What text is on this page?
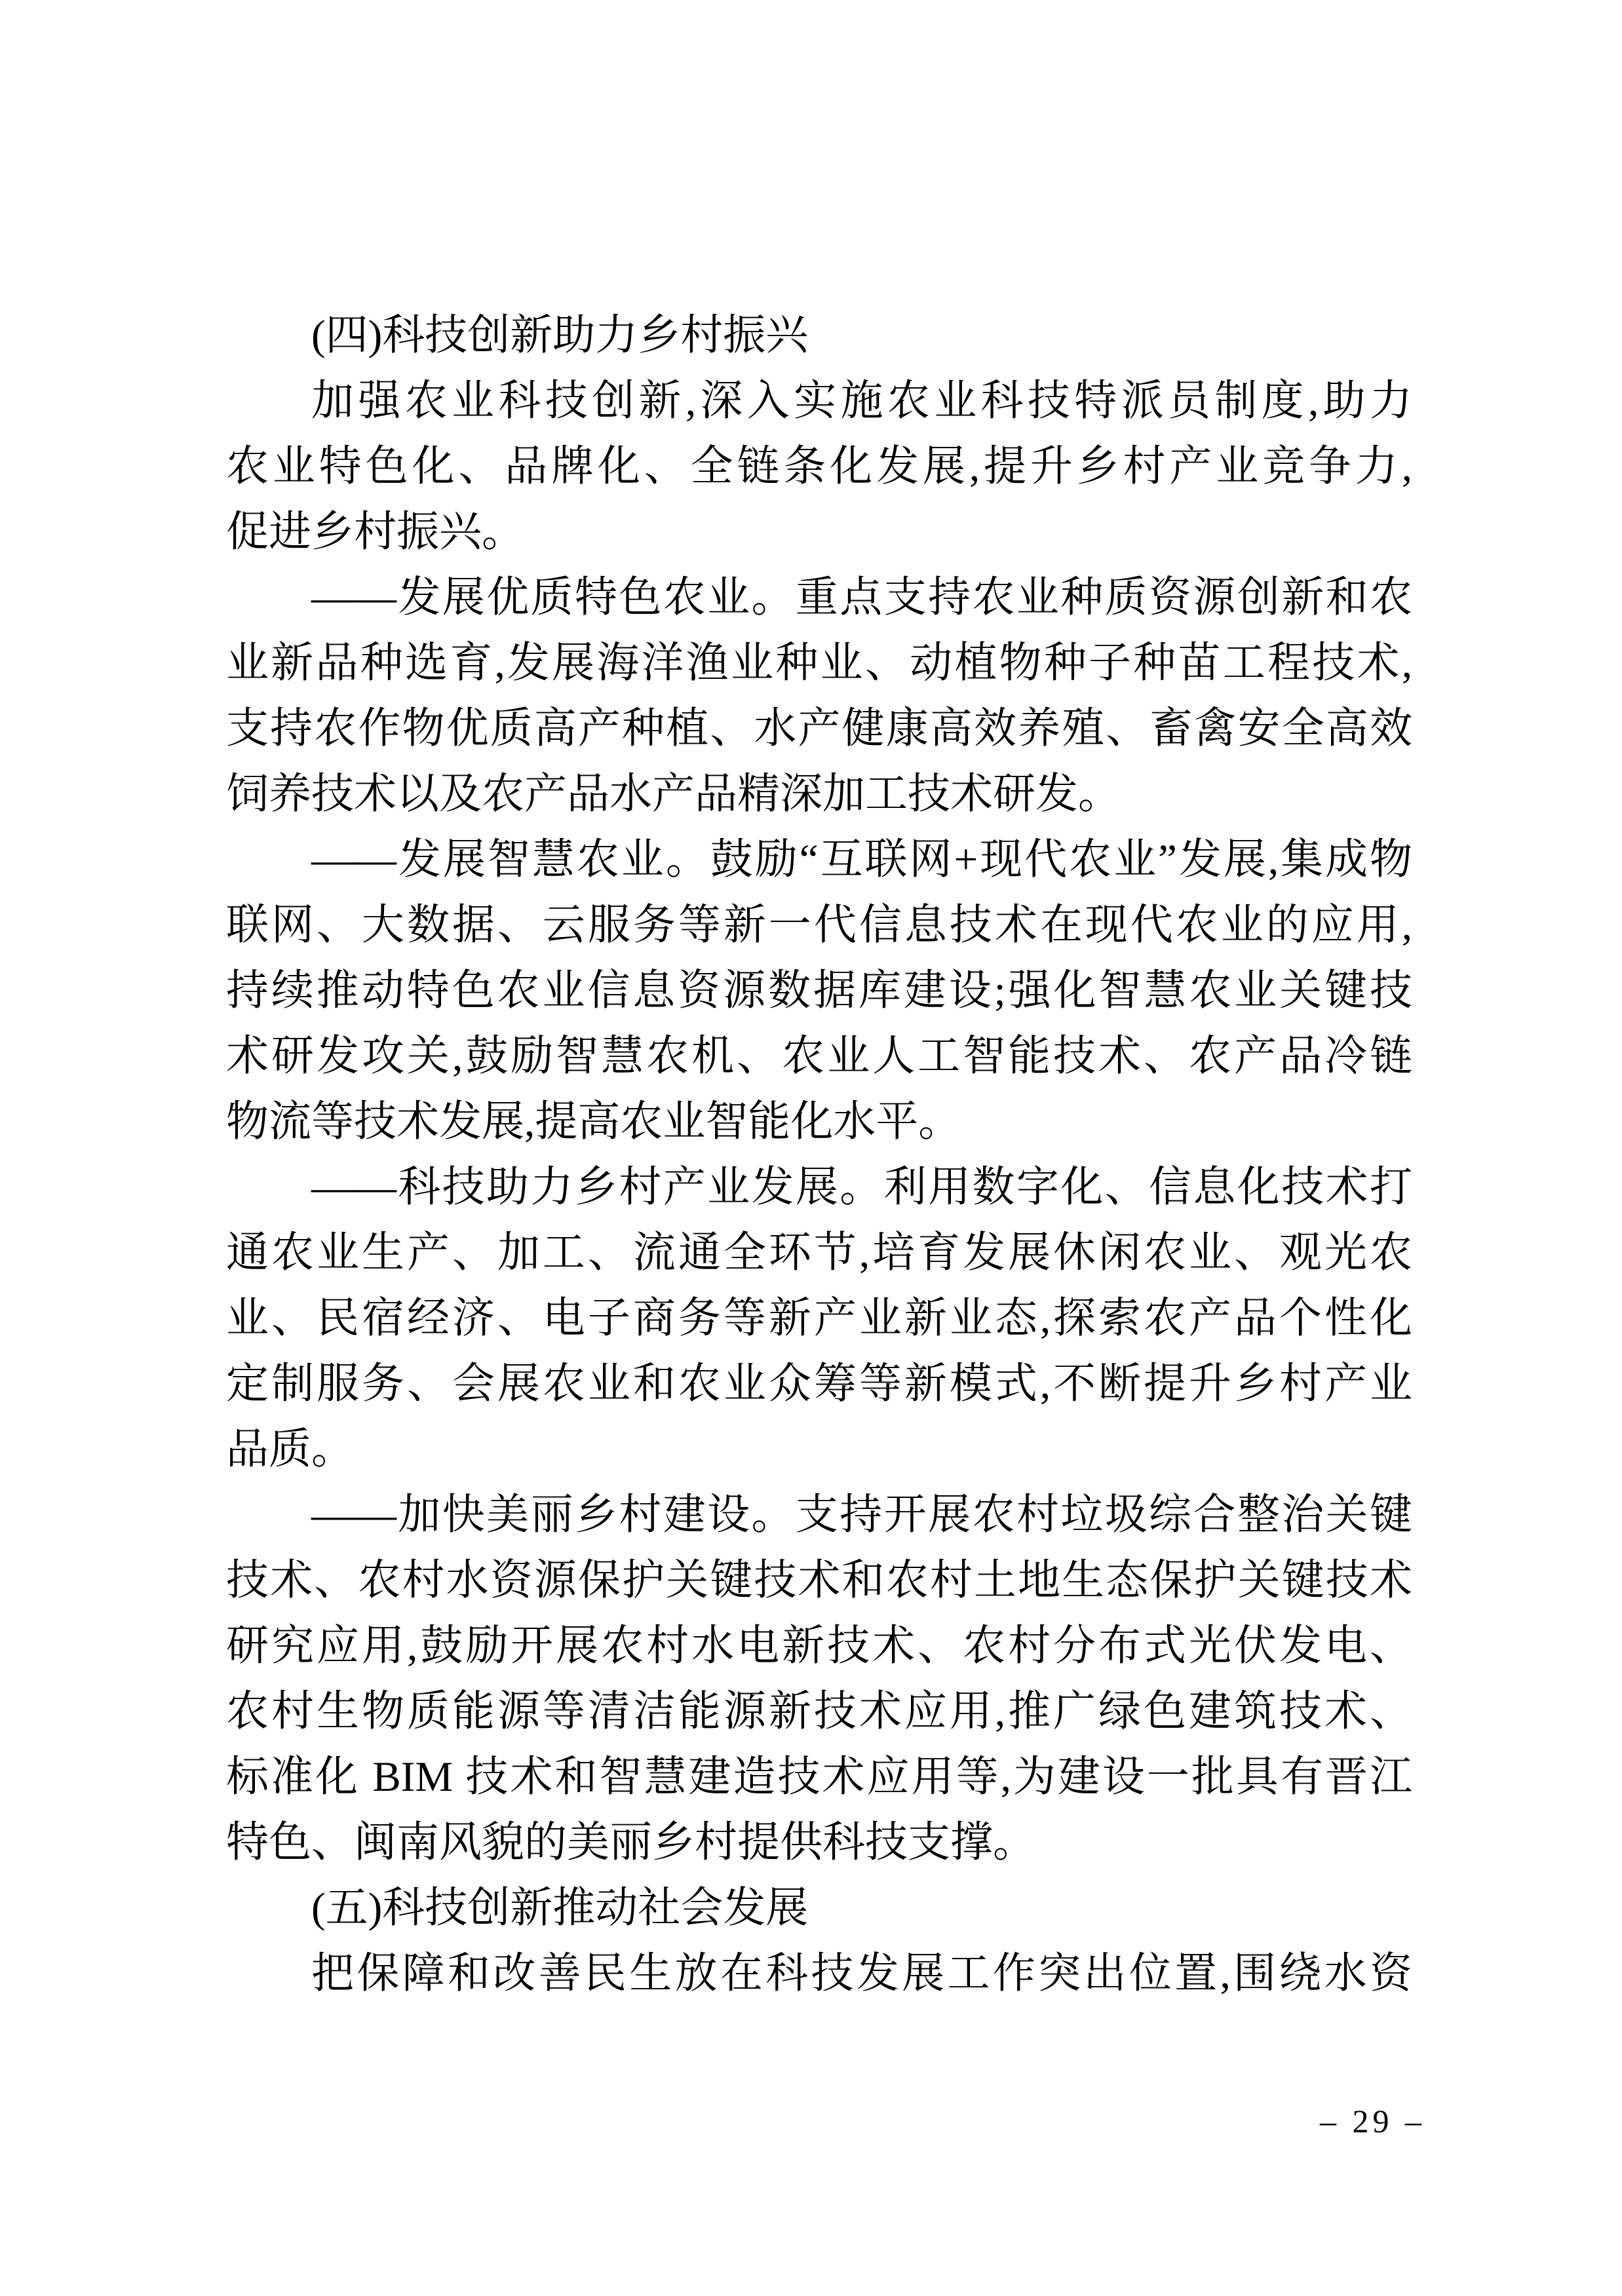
(四)科技创新助力乡村振兴
加强农业科技创新,深入实施农业科技特派员制度,助力
农业特色化、品牌化、全链条化发展,提升乡村产业竞争力,
促进乡村振兴。
——发展优质特色农业。重点支持农业种质资源创新和农
业新品种选育,发展海洋渔业种业、动植物种子种苗工程技术,
支持农作物优质高产种植、水产健康高效养殖、畜禽安全高效
饲养技术以及农产品水产品精深加工技术研发。
——发展智慧农业。鼓励“互联网+现代农业”发展,集成物
联网、大数据、云服务等新一代信息技术在现代农业的应用,
持续推动特色农业信息资源数据库建设;强化智慧农业关键技
术研发攻关,鼓励智慧农机、农业人工智能技术、农产品冷链
物流等技术发展,提高农业智能化水平。
——科技助力乡村产业发展。利用数字化、信息化技术打
通农业生产、加工、流通全环节,培育发展休闲农业、观光农
业、民宿经济、电子商务等新产业新业态,探索农产品个性化
定制服务、会展农业和农业众筹等新模式,不断提升乡村产业
品质。
——加快美丽乡村建设。支持开展农村垃圾综合整治关键
技术、农村水资源保护关键技术和农村土地生态保护关键技术
研究应用,鼓励开展农村水电新技术、农村分布式光伏发电、
农村生物质能源等清洁能源新技术应用,推广绿色建筑技术、
标准化 BIM 技术和智慧建造技术应用等,为建设一批具有晋江
特色、闽南风貌的美丽乡村提供科技支撑。
(五)科技创新推动社会发展
把保障和改善民生放在科技发展工作突出位置,围绕水资
– 29 –
